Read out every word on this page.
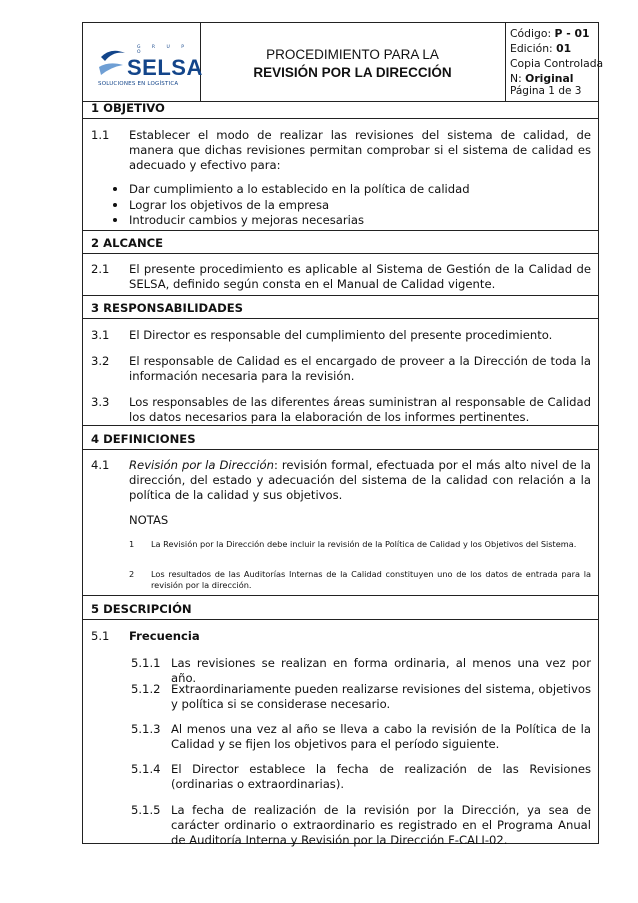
G R U P O
SELSA
SOLUCIONES EN LOGÍSTICA
PROCEDIMIENTO PARA LA
REVISIÓN POR LA DIRECCIÓN
Código: P - 01
Edición: 01
Copia Controlada
N: Original
Página 1 de 3
1 OBJETIVO
1.1 Establecer el modo de realizar las revisiones del sistema de calidad, de manera que dichas revisiones permitan comprobar si el sistema de calidad es adecuado y efectivo para:
Dar cumplimiento a lo establecido en la política de calidad
Lograr los objetivos de la empresa
Introducir cambios y mejoras necesarias
2 ALCANCE
2.1 El presente procedimiento es aplicable al Sistema de Gestión de la Calidad de SELSA, definido según consta en el Manual de Calidad vigente.
3 RESPONSABILIDADES
3.1 El Director es responsable del cumplimiento del presente procedimiento.
3.2 El responsable de Calidad es el encargado de proveer a la Dirección de toda la información necesaria para la revisión.
3.3 Los responsables de las diferentes áreas suministran al responsable de Calidad los datos necesarios para la elaboración de los informes pertinentes.
4 DEFINICIONES
4.1 Revisión por la Dirección: revisión formal, efectuada por el más alto nivel de la dirección, del estado y adecuación del sistema de la calidad con relación a la política de la calidad y sus objetivos.
NOTAS
1 La Revisión por la Dirección debe incluir la revisión de la Política de Calidad y los Objetivos del Sistema.
2 Los resultados de las Auditorías Internas de la Calidad constituyen uno de los datos de entrada para la revisión por la dirección.
5 DESCRIPCIÓN
5.1 Frecuencia
5.1.1 Las revisiones se realizan en forma ordinaria, al menos una vez por año.
5.1.2 Extraordinariamente pueden realizarse revisiones del sistema, objetivos y política si se considerase necesario.
5.1.3 Al menos una vez al año se lleva a cabo la revisión de la Política de la Calidad y se fijen los objetivos para el período siguiente.
5.1.4 El Director establece la fecha de realización de las Revisiones (ordinarias o extraordinarias).
5.1.5 La fecha de realización de la revisión por la Dirección, ya sea de carácter ordinario o extraordinario es registrado en el Programa Anual de Auditoría Interna y Revisión por la Dirección F-CALI-02.
